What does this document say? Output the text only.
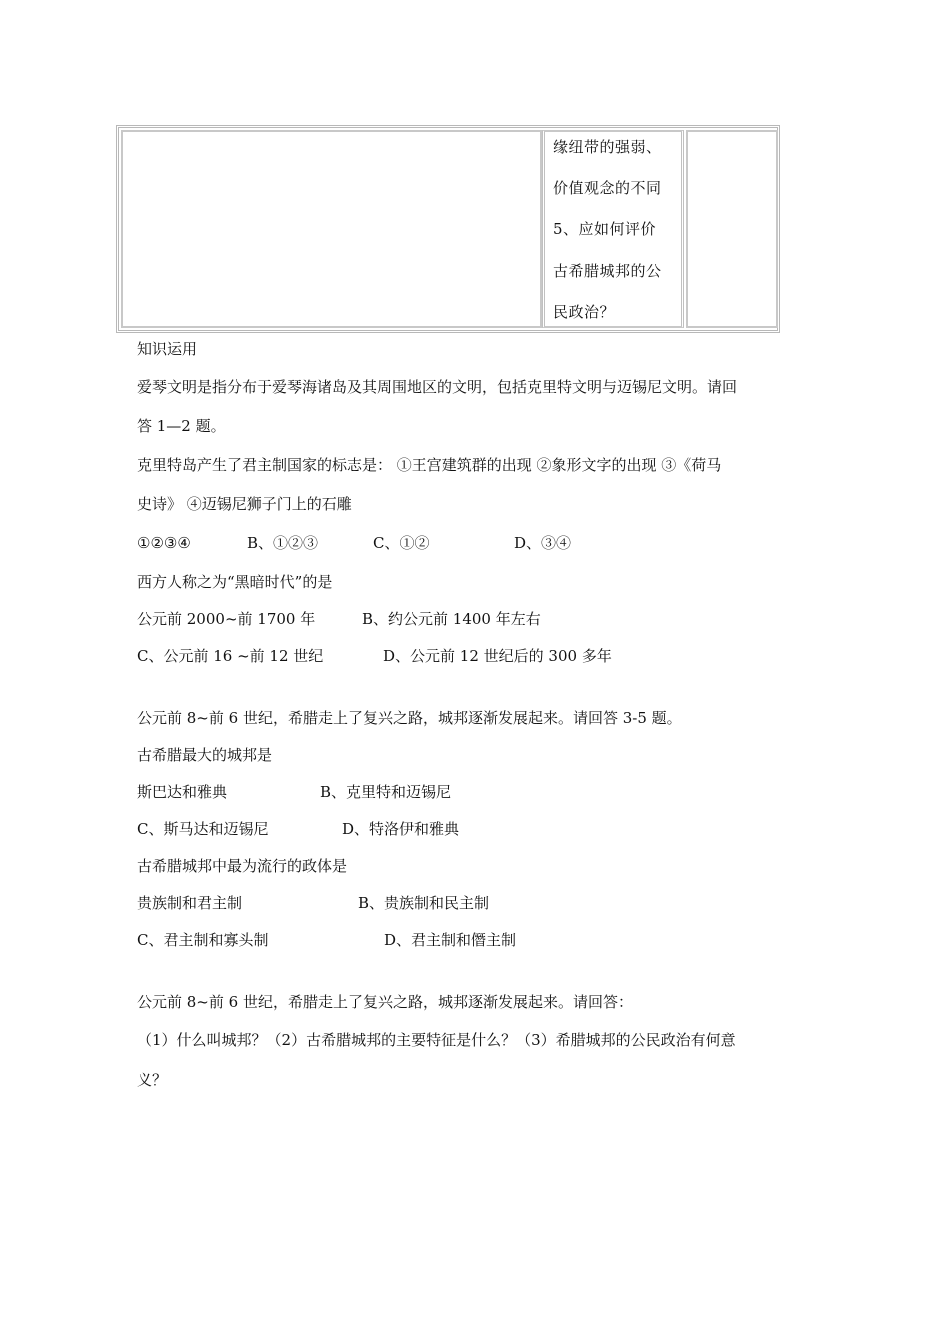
缘纽带的强弱、
价值观念的不同
5、应如何评价
古希腊城邦的公
民政治？
知识运用
爱琴文明是指分布于爱琴海诸岛及其周围地区的文明，包括克里特文明与迈锡尼文明。请回
答 1—2 题。
克里特岛产生了君主制国家的标志是： ①王宫建筑群的出现 ②象形文字的出现 ③《荷马
史诗》 ④迈锡尼狮子门上的石雕
①②③④	B、①②③	C、①②	D、③④
西方人称之为“黑暗时代”的是
公元前 2000~前 1700 年	B、约公元前 1400 年左右
C、公元前 16 ~前 12 世纪	D、公元前 12 世纪后的 300 多年
公元前 8~前 6 世纪，希腊走上了复兴之路，城邦逐渐发展起来。请回答 3-5 题。
古希腊最大的城邦是
斯巴达和雅典	B、克里特和迈锡尼
C、斯马达和迈锡尼	D、特洛伊和雅典
古希腊城邦中最为流行的政体是
贵族制和君主制	B、贵族制和民主制
C、君主制和寡头制	D、君主制和僭主制
公元前 8~前 6 世纪，希腊走上了复兴之路，城邦逐渐发展起来。请回答：
（1）什么叫城邦？（2）古希腊城邦的主要特征是什么？（3）希腊城邦的公民政治有何意
义？
